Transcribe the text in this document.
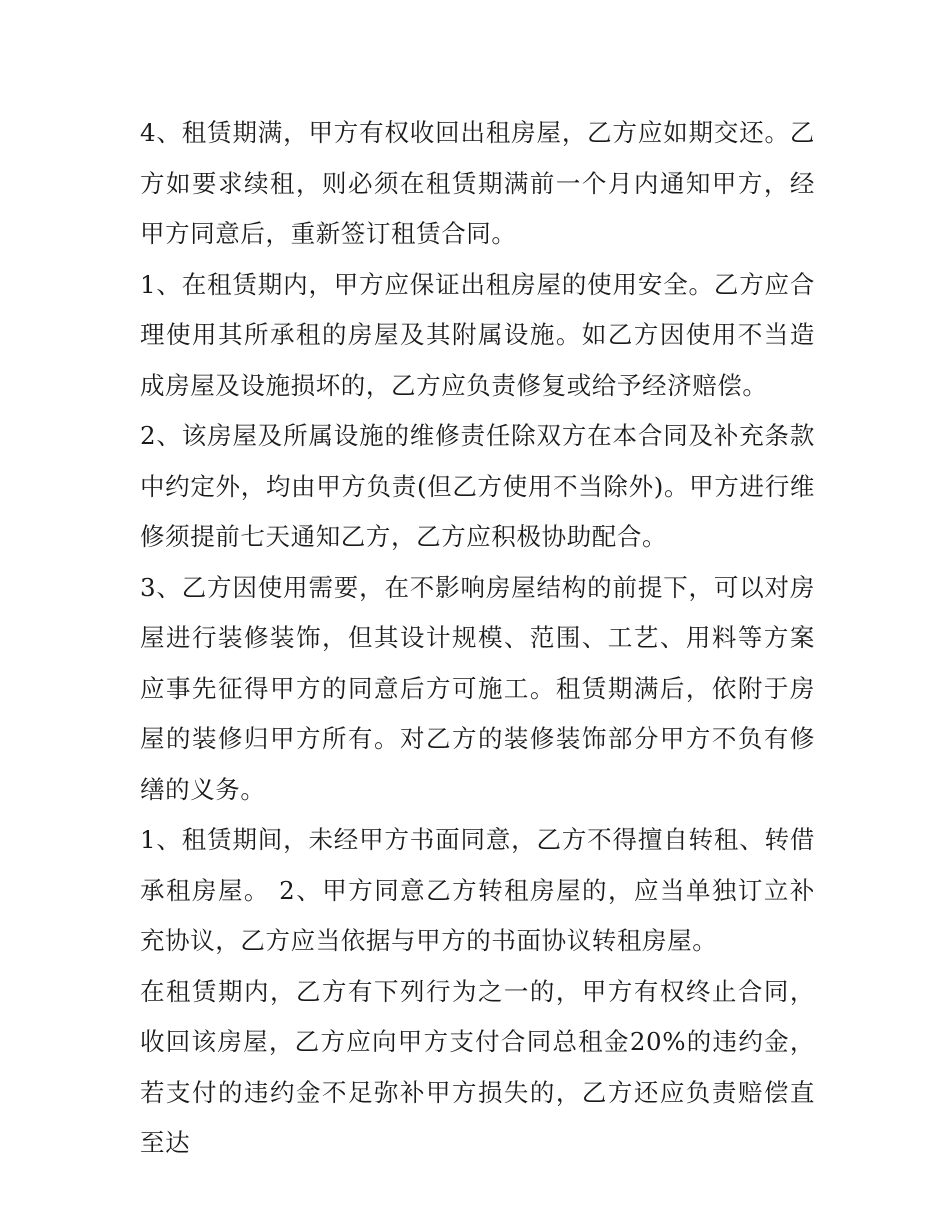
4、租赁期满，甲方有权收回出租房屋，乙方应如期交还。乙方如要求续租，则必须在租赁期满前一个月内通知甲方，经甲方同意后，重新签订租赁合同。

1、在租赁期内，甲方应保证出租房屋的使用安全。乙方应合理使用其所承租的房屋及其附属设施。如乙方因使用不当造成房屋及设施损坏的，乙方应负责修复或给予经济赔偿。

2、该房屋及所属设施的维修责任除双方在本合同及补充条款中约定外，均由甲方负责(但乙方使用不当除外)。甲方进行维修须提前七天通知乙方，乙方应积极协助配合。

3、乙方因使用需要，在不影响房屋结构的前提下，可以对房屋进行装修装饰，但其设计规模、范围、工艺、用料等方案应事先征得甲方的同意后方可施工。租赁期满后，依附于房屋的装修归甲方所有。对乙方的装修装饰部分甲方不负有修缮的义务。

1、租赁期间，未经甲方书面同意，乙方不得擅自转租、转借承租房屋。 2、甲方同意乙方转租房屋的，应当单独订立补充协议，乙方应当依据与甲方的书面协议转租房屋。

在租赁期内，乙方有下列行为之一的，甲方有权终止合同，收回该房屋，乙方应向甲方支付合同总租金20%的违约金，若支付的违约金不足弥补甲方损失的，乙方还应负责赔偿直至达
